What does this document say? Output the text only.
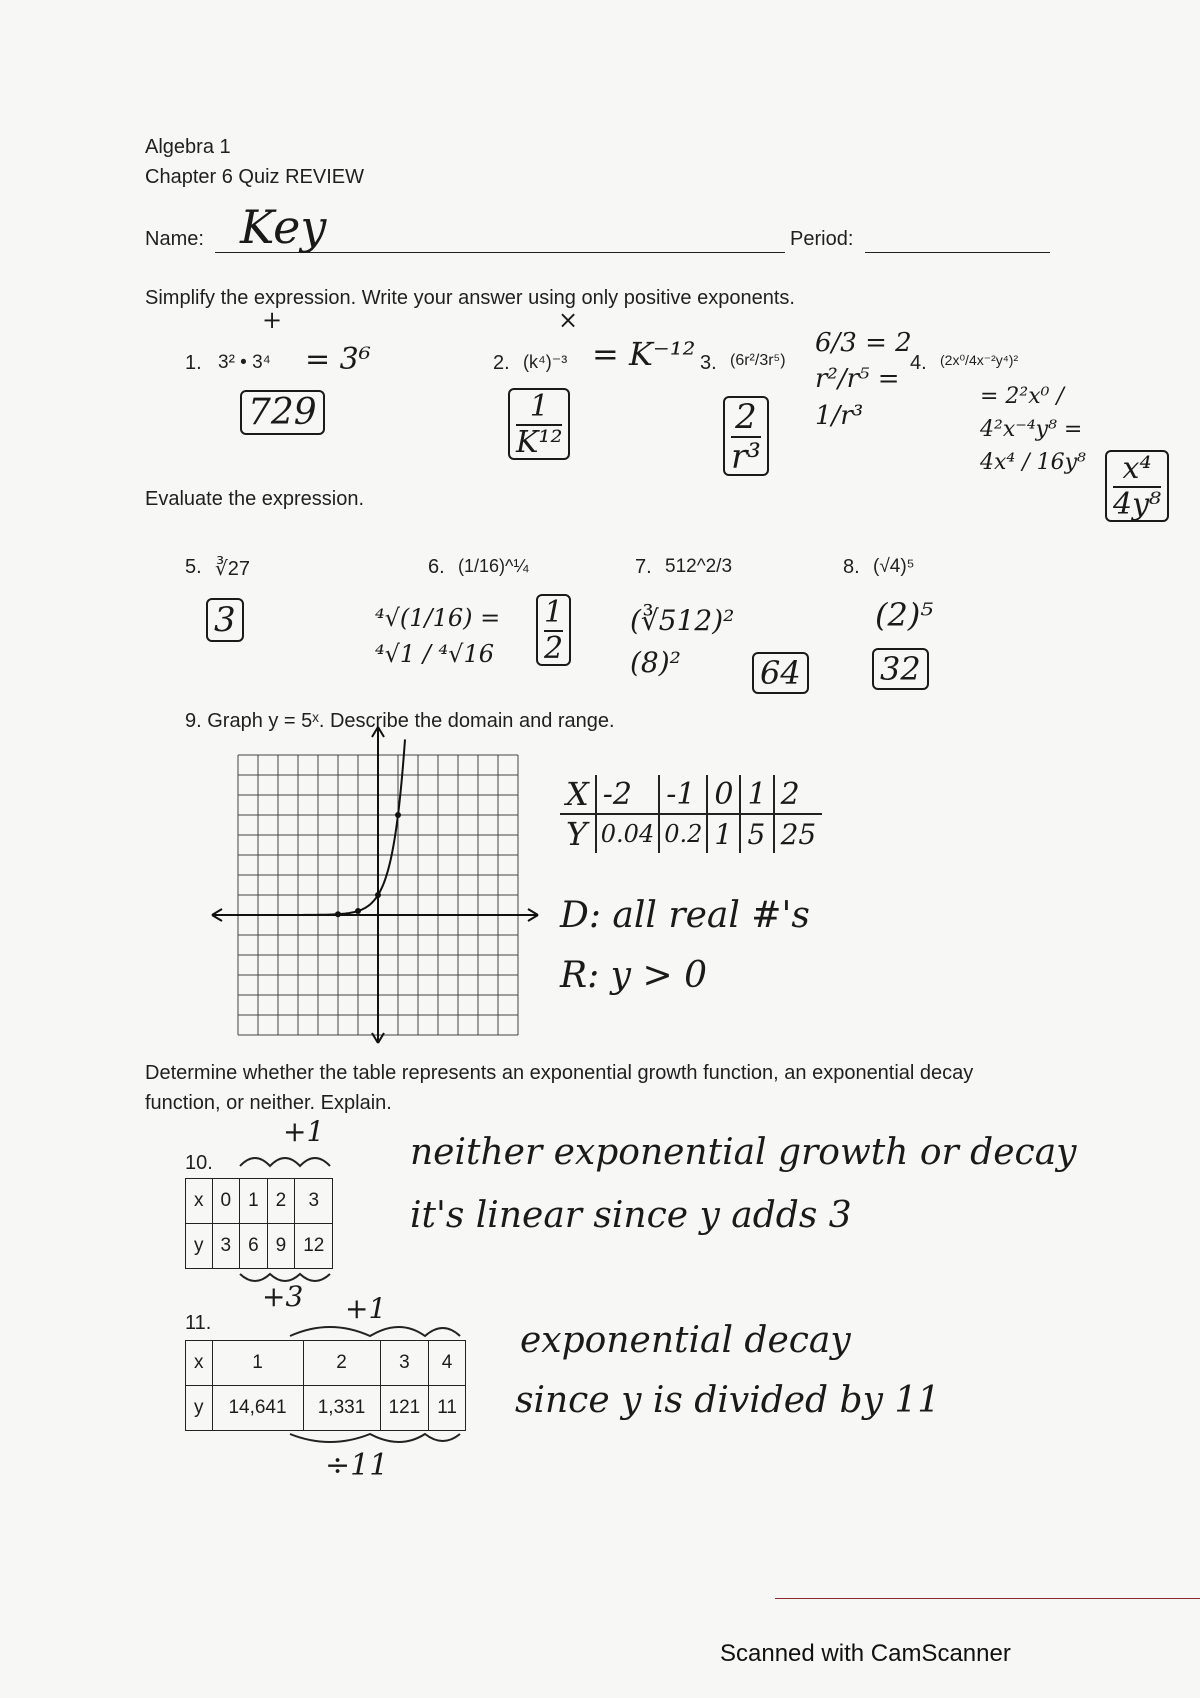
Algebra 1
Chapter 6 Quiz REVIEW
Name: Key	Period:
Simplify the expression. Write your answer using only positive exponents.
+
1. 3² • 3⁴ = 3⁶
729
×
2. (k⁴)⁻³ = K⁻¹²
$\frac{1}{\text{K¹²}}$
3. (6r²/3r⁵)
6/3 = 2 r²/r⁵ = 1/r³
$\frac{2}{\text{r³}}$
4. (2x⁰/4x⁻²y⁴)²
= $2^2x^0 / 4^2x^{-4}y^8 = 4x^4 / 16y^8 \frac{\text{x⁴}}{\text{4y⁸}}$
Evaluate the expression.
5. ∛27
3
6. (1/16)^¼
⁴√(1/16) = ⁴√1 / ⁴√16	$\frac{1}{2}$
7. 512^2/3
(∛512)² (8)²	64
8. (√4)⁵
(2)⁵
32
9. Graph y = 5ˣ. Describe the domain and range.
X	-2	-1	0	1	2
Y	0.04	0.2	1	5	25
D: all real #'s
R: y > 0
Determine whether the table represents an exponential growth function, an exponential decay
function, or neither. Explain.
10.
+1
x	0	1	2	3
y	3	6	9	12
+3
neither exponential growth or decay
it's linear since y adds 3
11.	+1
x	1	2	3	4
y	14,641	1,331	121	11
÷11
exponential decay
since y is divided by 11
Scanned with CamScanner
